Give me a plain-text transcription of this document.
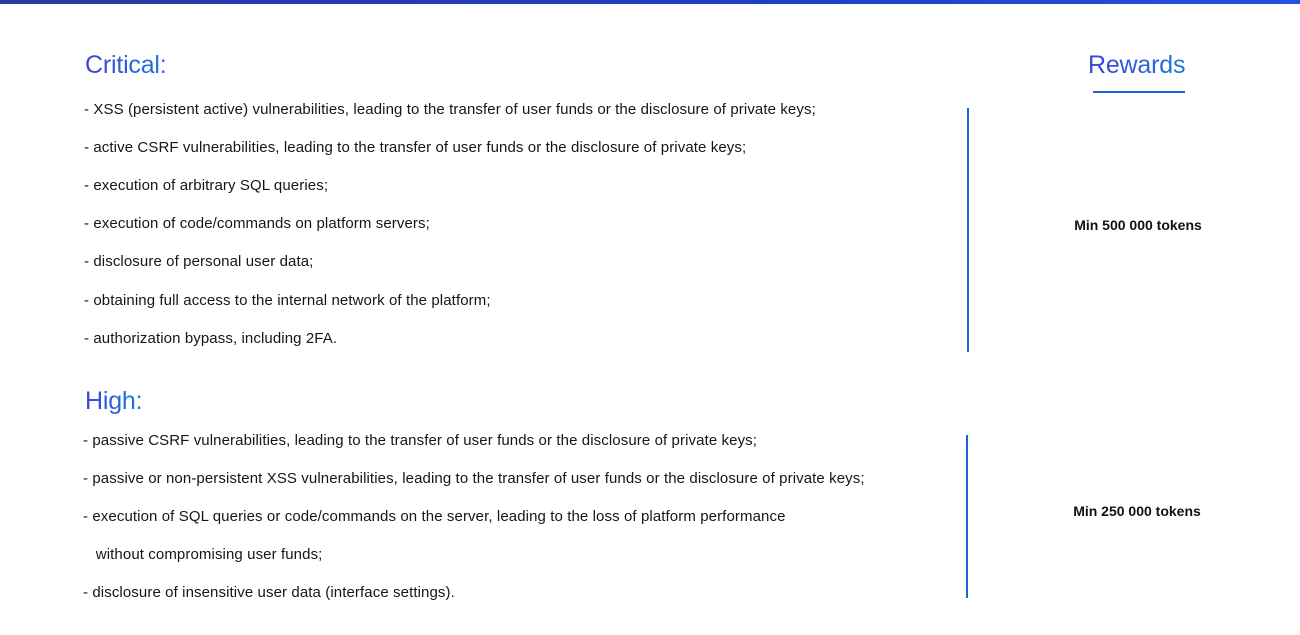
Critical:
- XSS (persistent active) vulnerabilities, leading to the transfer of user funds or the disclosure of private keys;
- active CSRF vulnerabilities, leading to the transfer of user funds or the disclosure of private keys;
- execution of arbitrary SQL queries;
- execution of code/commands on platform servers;
- disclosure of personal user data;
- obtaining full access to the internal network of the platform;
- authorization bypass, including 2FA.
Min 500 000 tokens
Rewards
High:
- passive CSRF vulnerabilities, leading to the transfer of user funds or the disclosure of private keys;
- passive or non-persistent XSS vulnerabilities, leading to the transfer of user funds or the disclosure of private keys;
- execution of SQL queries or code/commands on the server, leading to the loss of platform performance
without compromising user funds;
- disclosure of insensitive user data (interface settings).
Min 250 000 tokens
